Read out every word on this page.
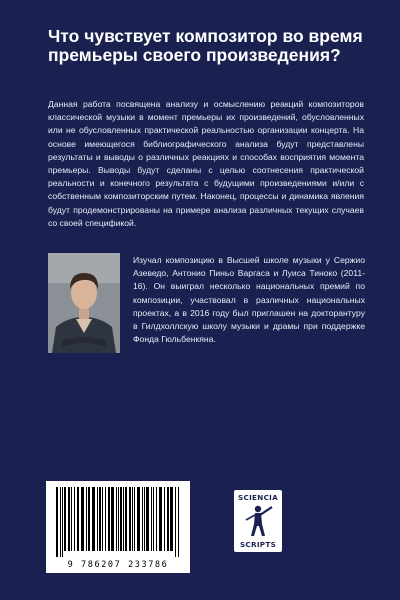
Что чувствует композитор во время премьеры своего произведения?

Данная работа посвящена анализу и осмыслению реакций композиторов классической музыки в момент премьеры их произведений, обусловленных или не обусловленных практической реальностью организации концерта. На основе имеющегося библиографического анализа будут представлены результаты и выводы о различных реакциях и способах восприятия момента премьеры. Выводы будут сделаны с целью соотнесения практической реальности и конечного результата с будущими произведениями и/или с собственным композиторским путем. Наконец, процессы и динамика явления будут продемонстрированы на примере анализа различных текущих случаев со своей спецификой.

Изучал композицию в Высшей школе музыки у Сержио Азеведо, Антонио Пиньо Варгаса и Луиса Тиноко (2011-16). Он выиграл несколько национальных премий по композиции, участвовал в различных национальных проектах, а в 2016 году был приглашен на докторантуру в Гилдхоллскую школу музыки и драмы при поддержке Фонда Гюльбенкяна.

9 786207 233786
SCIENCIA
SCRIPTS
